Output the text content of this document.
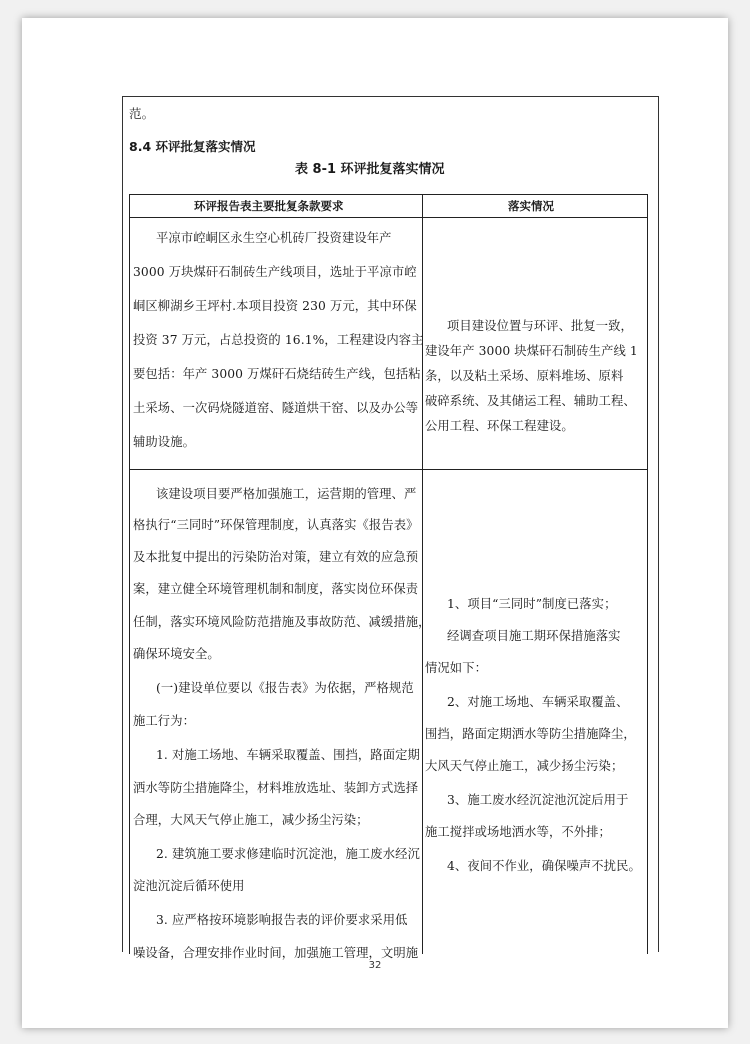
范。
8.4 环评批复落实情况
表 8-1 环评批复落实情况
环评报告表主要批复条款要求	落实情况
平凉市崆峒区永生空心机砖厂投资建设年产
3000 万块煤矸石制砖生产线项目，选址于平凉市崆
峒区柳湖乡王坪村.本项目投资 230 万元，其中环保
投资 37 万元，占总投资的 16.1%，工程建设内容主
要包括：年产 3000 万煤矸石烧结砖生产线，包括粘
土采场、一次码烧隧道窑、隧道烘干窑、以及办公等
辅助设施。
项目建设位置与环评、批复一致，
建设年产 3000 块煤矸石制砖生产线 1
条，以及粘土采场、原料堆场、原料
破碎系统、及其储运工程、辅助工程、
公用工程、环保工程建设。
该建设项目要严格加强施工，运营期的管理、严
格执行“三同时”环保管理制度，认真落实《报告表》
及本批复中提出的污染防治对策，建立有效的应急预
案，建立健全环境管理机制和制度，落实岗位环保责
任制，落实环境风险防范措施及事故防范、减缓措施，
确保环境安全。
(一)建设单位要以《报告表》为依据，严格规范
施工行为：
1. 对施工场地、车辆采取覆盖、围挡，路面定期
洒水等防尘措施降尘，材料堆放选址、装卸方式选择
合理，大风天气停止施工，减少扬尘污染；
2. 建筑施工要求修建临时沉淀池，施工废水经沉
淀池沉淀后循环使用
3. 应严格按环境影响报告表的评价要求采用低
噪设备，合理安排作业时间，加强施工管理，文明施
1、项目“三同时”制度已落实；
经调查项目施工期环保措施落实
情况如下：
2、对施工场地、车辆采取覆盖、
围挡，路面定期洒水等防尘措施降尘，
大风天气停止施工，减少扬尘污染；
3、施工废水经沉淀池沉淀后用于
施工搅拌或场地洒水等，不外排；
4、夜间不作业，确保噪声不扰民。
32
